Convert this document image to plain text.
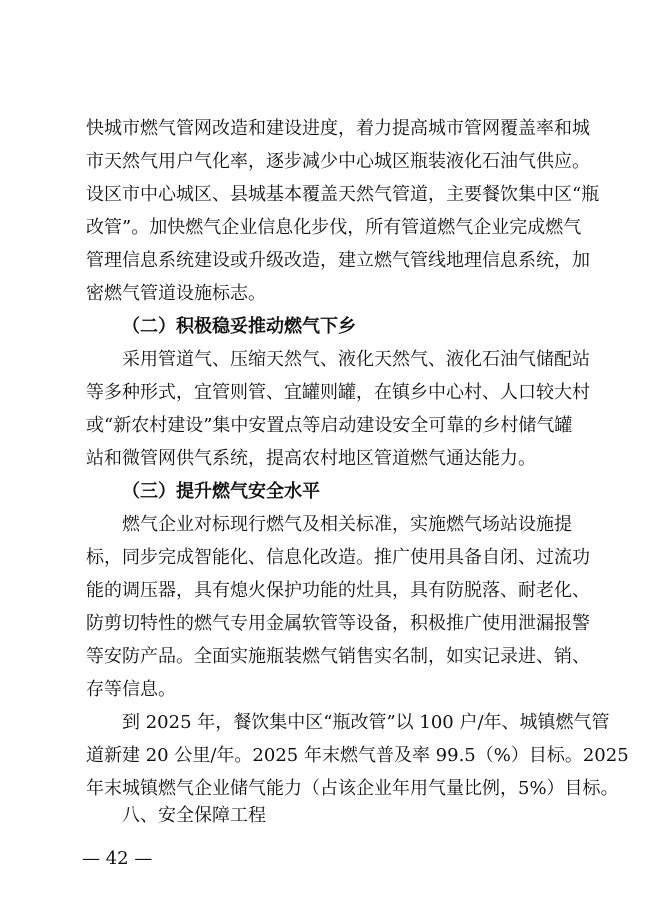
快城市燃气管网改造和建设进度，着力提高城市管网覆盖率和城
市天然气用户气化率，逐步减少中心城区瓶装液化石油气供应。
设区市中心城区、县城基本覆盖天然气管道，主要餐饮集中区“瓶
改管”。加快燃气企业信息化步伐，所有管道燃气企业完成燃气
管理信息系统建设或升级改造，建立燃气管线地理信息系统，加
密燃气管道设施标志。
（二）积极稳妥推动燃气下乡
采用管道气、压缩天然气、液化天然气、液化石油气储配站
等多种形式，宜管则管、宜罐则罐，在镇乡中心村、人口较大村
或“新农村建设”集中安置点等启动建设安全可靠的乡村储气罐
站和微管网供气系统，提高农村地区管道燃气通达能力。
（三）提升燃气安全水平
燃气企业对标现行燃气及相关标准，实施燃气场站设施提
标，同步完成智能化、信息化改造。推广使用具备自闭、过流功
能的调压器，具有熄火保护功能的灶具，具有防脱落、耐老化、
防剪切特性的燃气专用金属软管等设备，积极推广使用泄漏报警
等安防产品。全面实施瓶装燃气销售实名制，如实记录进、销、
存等信息。
到 2025 年，餐饮集中区“瓶改管”以 100 户/年、城镇燃气管
道新建 20 公里/年。2025 年末燃气普及率 99.5（%）目标。2025
年末城镇燃气企业储气能力（占该企业年用气量比例，5%）目标。
八、安全保障工程
— 42 —
